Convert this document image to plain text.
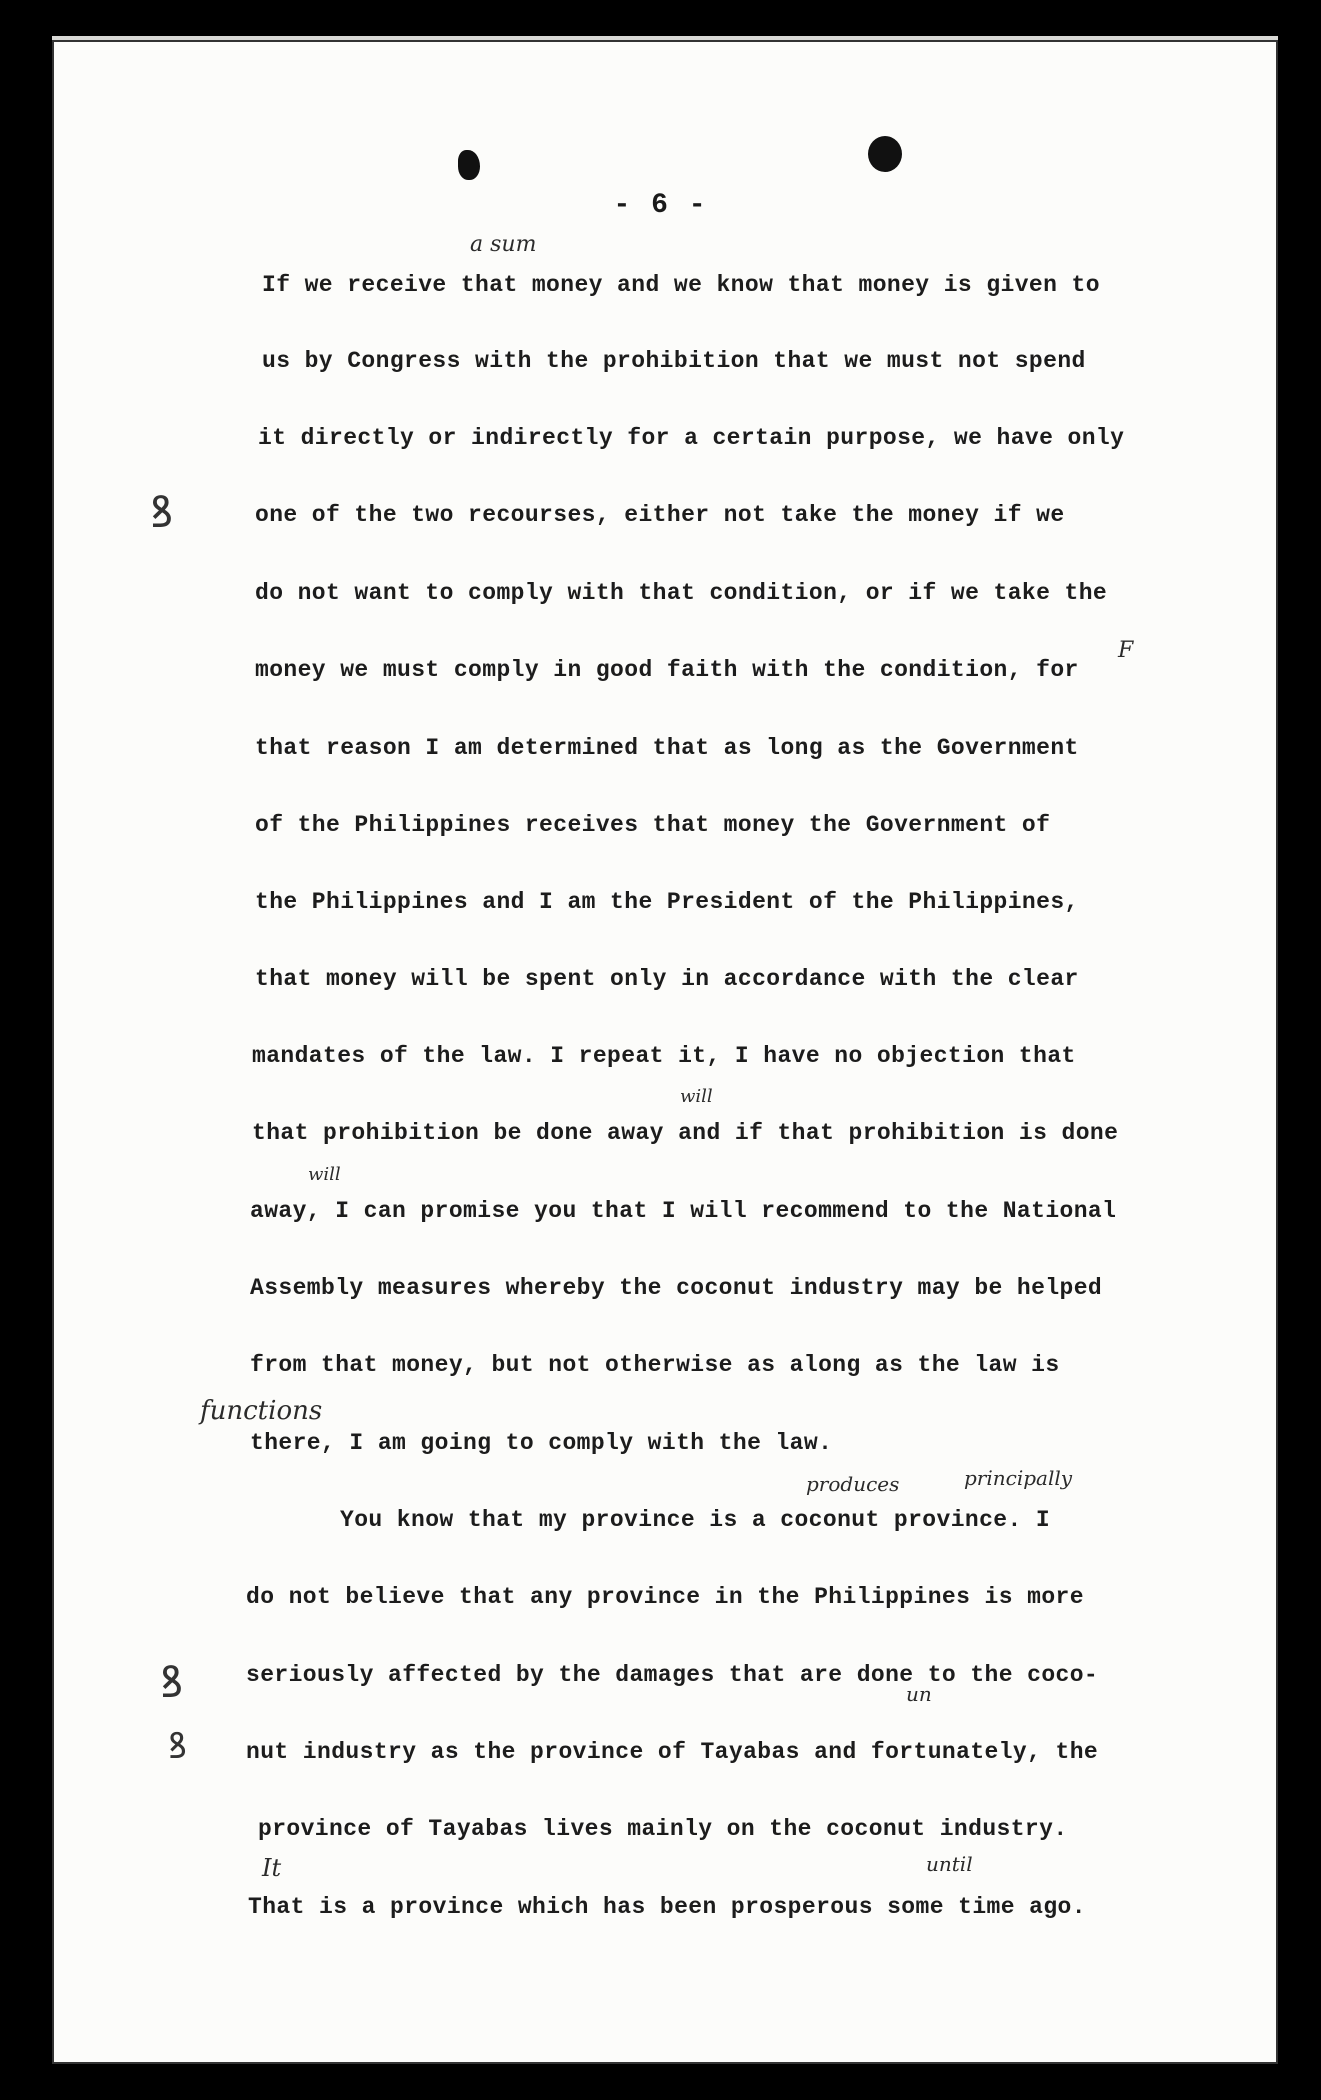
- 6 -
a sum
F
will
will
functions
produces	principally
un
It	until
ꝸ
ꝸ
ꝸ
If we receive that money and we know that money is given to
us by Congress with the prohibition that we must not spend
it directly or indirectly for a certain purpose, we have only
one of the two recourses, either not take the money if we
do not want to comply with that condition, or if we take the
money we must comply in good faith with the condition, for
that reason I am determined that as long as the Government
of the Philippines receives that money the Government of
the Philippines and I am the President of the Philippines,
that money will be spent only in accordance with the clear
mandates of the law. I repeat it, I have no objection that
that prohibition be done away and if that prohibition is done
away, I can promise you that I will recommend to the National
Assembly measures whereby the coconut industry may be helped
from that money, but not otherwise as along as the law is
there, I am going to comply with the law.
You know that my province is a coconut province. I
do not believe that any province in the Philippines is more
seriously affected by the damages that are done to the coco-
nut industry as the province of Tayabas and fortunately, the
province of Tayabas lives mainly on the coconut industry.
That is a province which has been prosperous some time ago.
